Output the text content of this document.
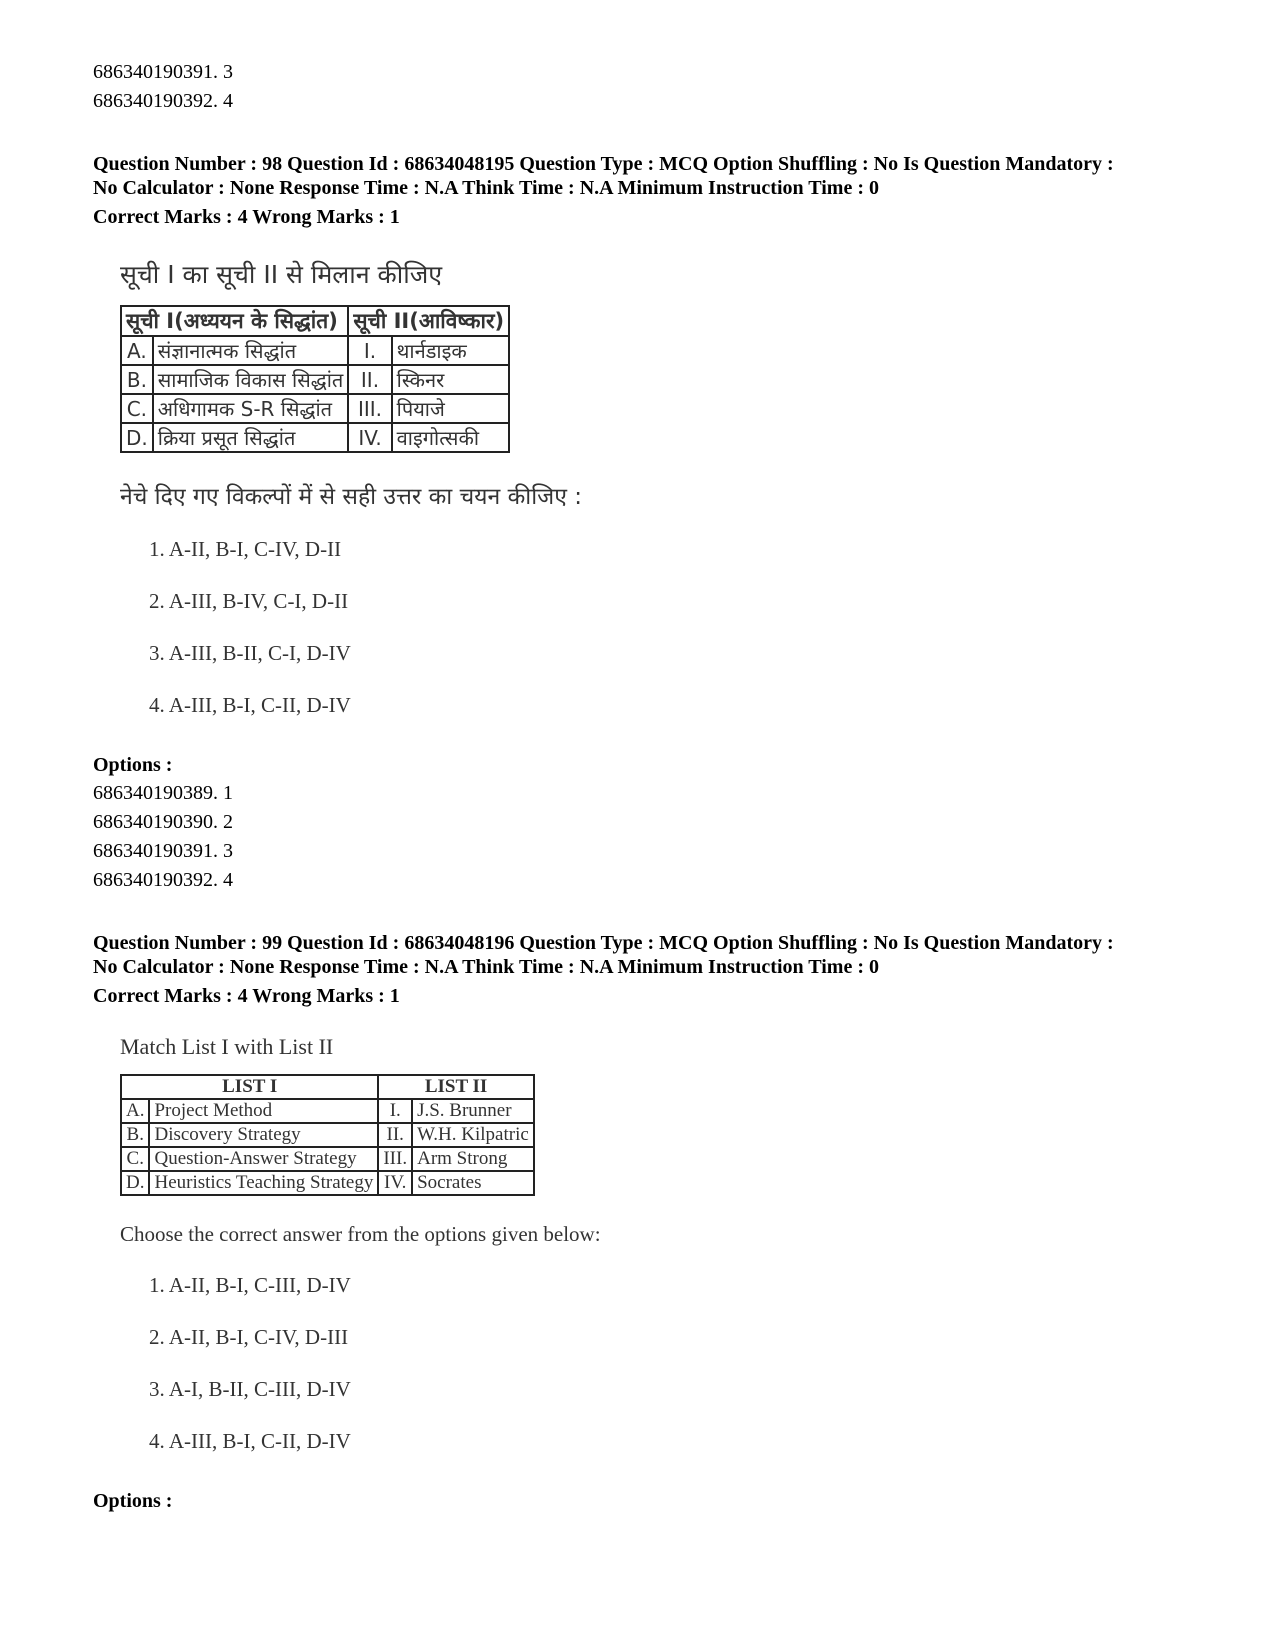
686340190391. 3
686340190392. 4
Question Number : 98 Question Id : 68634048195 Question Type : MCQ Option Shuffling : No Is Question Mandatory :
No Calculator : None Response Time : N.A Think Time : N.A Minimum Instruction Time : 0
Correct Marks : 4 Wrong Marks : 1
सूची I का सूची II से मिलान कीजिए
सूची I(अध्ययन के सिद्धांत)		सूची II(आविष्कार)	
A.	संज्ञानात्मक सिद्धांत	I.	थार्नडाइक
B.	सामाजिक विकास सिद्धांत	II.	स्किनर
C.	अधिगामक S-R सिद्धांत	III.	पियाजे
D.	क्रिया प्रसूत सिद्धांत	IV.	वाइगोत्सकी
नेचे दिए गए विकल्पों में से सही उत्तर का चयन कीजिए :
1. A-II, B-I, C-IV, D-II
2. A-III, B-IV, C-I, D-II
3. A-III, B-II, C-I, D-IV
4. A-III, B-I, C-II, D-IV
Options :
686340190389. 1
686340190390. 2
686340190391. 3
686340190392. 4
Question Number : 99 Question Id : 68634048196 Question Type : MCQ Option Shuffling : No Is Question Mandatory :
No Calculator : None Response Time : N.A Think Time : N.A Minimum Instruction Time : 0
Correct Marks : 4 Wrong Marks : 1
Match List I with List II
LIST I		LIST II	
A.	Project Method	I.	J.S. Brunner
B.	Discovery Strategy	II.	W.H. Kilpatric
C.	Question-Answer Strategy	III.	Arm Strong
D.	Heuristics Teaching Strategy	IV.	Socrates
Choose the correct answer from the options given below:
1. A-II, B-I, C-III, D-IV
2. A-II, B-I, C-IV, D-III
3. A-I, B-II, C-III, D-IV
4. A-III, B-I, C-II, D-IV
Options :
